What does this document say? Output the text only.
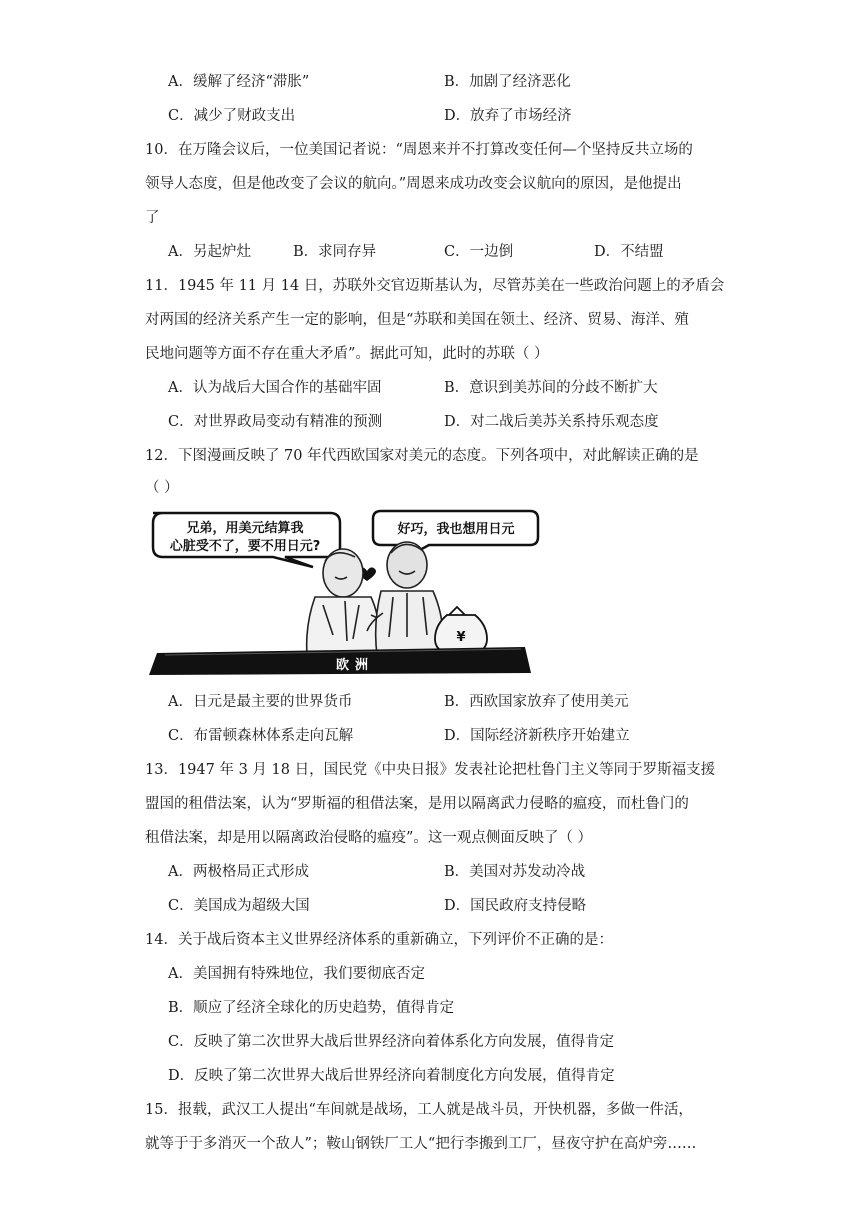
A．缓解了经济“滞胀”	B．加剧了经济恶化
C．减少了财政支出	D．放弃了市场经济
10．在万隆会议后，一位美国记者说：“周恩来并不打算改变任何—个坚持反共立场的
领导人态度，但是他改变了会议的航向。”周恩来成功改变会议航向的原因，是他提出
了
A．另起炉灶	B．求同存异	C．一边倒	D．不结盟
11．1945 年 11 月 14 日，苏联外交官迈斯基认为，尽管苏美在一些政治问题上的矛盾会
对两国的经济关系产生一定的影响，但是“苏联和美国在领土、经济、贸易、海洋、殖
民地问题等方面不存在重大矛盾”。据此可知，此时的苏联（ ）
A．认为战后大国合作的基础牢固	B．意识到美苏间的分歧不断扩大
C．对世界政局变动有精准的预测	D．对二战后美苏关系持乐观态度
12．下图漫画反映了 70 年代西欧国家对美元的态度。下列各项中，对此解读正确的是
（ ）
兄弟，用美元结算我
心脏受不了，要不用日元?
好巧，我也想用日元
¥
欧洲
A．日元是最主要的世界货币	B．西欧国家放弃了使用美元
C．布雷顿森林体系走向瓦解	D．国际经济新秩序开始建立
13．1947 年 3 月 18 日，国民党《中央日报》发表社论把杜鲁门主义等同于罗斯福支援
盟国的租借法案，认为“罗斯福的租借法案，是用以隔离武力侵略的瘟疫，而杜鲁门的
租借法案，却是用以隔离政治侵略的瘟疫”。这一观点侧面反映了（ ）
A．两极格局正式形成	B．美国对苏发动冷战
C．美国成为超级大国	D．国民政府支持侵略
14．关于战后资本主义世界经济体系的重新确立，下列评价不正确的是：
A．美国拥有特殊地位，我们要彻底否定
B．顺应了经济全球化的历史趋势，值得肯定
C．反映了第二次世界大战后世界经济向着体系化方向发展，值得肯定
D．反映了第二次世界大战后世界经济向着制度化方向发展，值得肯定
15．报载，武汉工人提出“车间就是战场，工人就是战斗员，开快机器，多做一件活，
就等于于多消灭一个敌人”；鞍山钢铁厂工人“把行李搬到工厂，昼夜守护在高炉旁……
